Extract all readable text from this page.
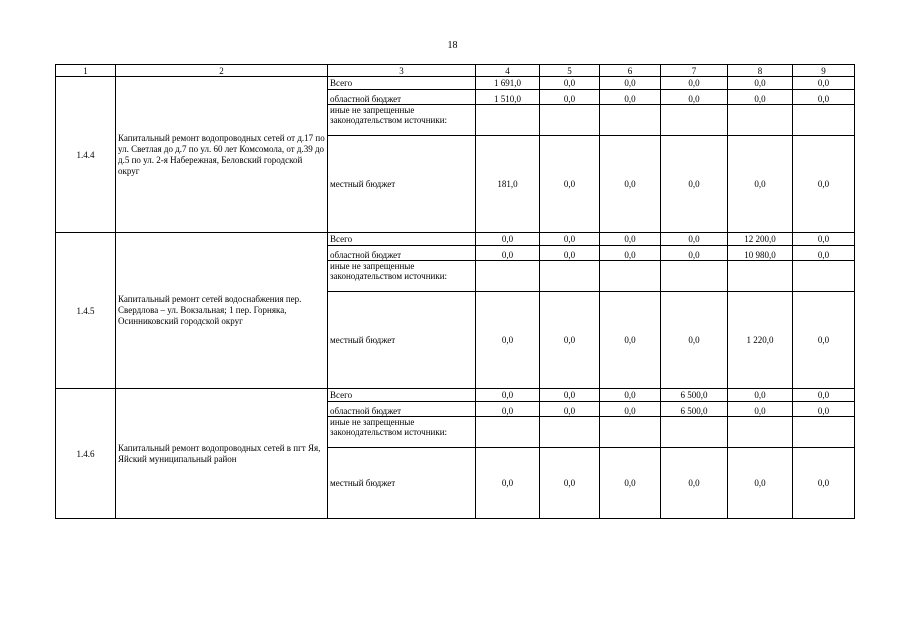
18
1	2	3	4	5	6	7	8	9
1.4.4	Капитальный ремонт водопроводных сетей от д.17 по ул. Светлая до д.7 по ул. 60 лет Комсомола, от д.39 до д.5 по ул. 2-я Набережная, Беловский городской округ	Всего	1 691,0	0,0	0,0	0,0	0,0	0,0
		областной бюджет	1 510,0	0,0	0,0	0,0	0,0	0,0
		иные не запрещенные законодательством источники:						
		местный бюджет	181,0	0,0	0,0	0,0	0,0	0,0
1.4.5	Капитальный ремонт сетей водоснабжения пер. Свердлова – ул. Вокзальная; 1 пер. Горняка, Осинниковский городской округ	Всего	0,0	0,0	0,0	0,0	12 200,0	0,0
		областной бюджет	0,0	0,0	0,0	0,0	10 980,0	0,0
		иные не запрещенные законодательством источники:						
		местный бюджет	0,0	0,0	0,0	0,0	1 220,0	0,0
1.4.6	Капитальный ремонт водопроводных сетей в пгт Яя, Яйский муниципальный район	Всего	0,0	0,0	0,0	6 500,0	0,0	0,0
		областной бюджет	0,0	0,0	0,0	6 500,0	0,0	0,0
		иные не запрещенные законодательством источники:						
		местный бюджет	0,0	0,0	0,0	0,0	0,0	0,0
